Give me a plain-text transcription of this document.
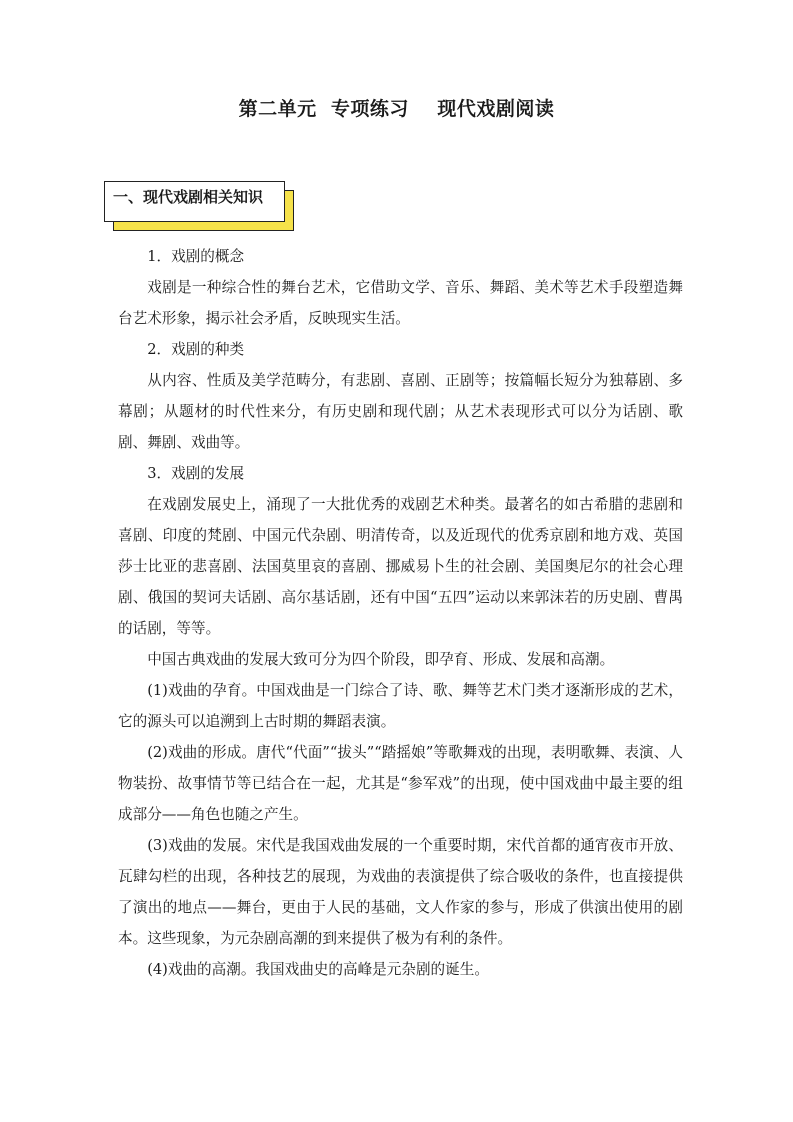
第二单元  专项练习    现代戏剧阅读
一、现代戏剧相关知识

1．戏剧的概念

戏剧是一种综合性的舞台艺术，它借助文学、音乐、舞蹈、美术等艺术手段塑造舞台艺术形象，揭示社会矛盾，反映现实生活。

2．戏剧的种类

从内容、性质及美学范畴分，有悲剧、喜剧、正剧等；按篇幅长短分为独幕剧、多幕剧；从题材的时代性来分，有历史剧和现代剧；从艺术表现形式可以分为话剧、歌剧、舞剧、戏曲等。

3．戏剧的发展

在戏剧发展史上，涌现了一大批优秀的戏剧艺术种类。最著名的如古希腊的悲剧和喜剧、印度的梵剧、中国元代杂剧、明清传奇，以及近现代的优秀京剧和地方戏、英国莎士比亚的悲喜剧、法国莫里哀的喜剧、挪威易卜生的社会剧、美国奥尼尔的社会心理剧、俄国的契诃夫话剧、高尔基话剧，还有中国“五四”运动以来郭沫若的历史剧、曹禺的话剧，等等。

中国古典戏曲的发展大致可分为四个阶段，即孕育、形成、发展和高潮。

(1)戏曲的孕育。中国戏曲是一门综合了诗、歌、舞等艺术门类才逐渐形成的艺术，它的源头可以追溯到上古时期的舞蹈表演。

(2)戏曲的形成。唐代“代面”“拔头”“踏摇娘”等歌舞戏的出现，表明歌舞、表演、人物装扮、故事情节等已结合在一起，尤其是“参军戏”的出现，使中国戏曲中最主要的组成部分——角色也随之产生。

(3)戏曲的发展。宋代是我国戏曲发展的一个重要时期，宋代首都的通宵夜市开放、瓦肆勾栏的出现，各种技艺的展现，为戏曲的表演提供了综合吸收的条件，也直接提供了演出的地点——舞台，更由于人民的基础，文人作家的参与，形成了供演出使用的剧本。这些现象，为元杂剧高潮的到来提供了极为有利的条件。

(4)戏曲的高潮。我国戏曲史的高峰是元杂剧的诞生。
